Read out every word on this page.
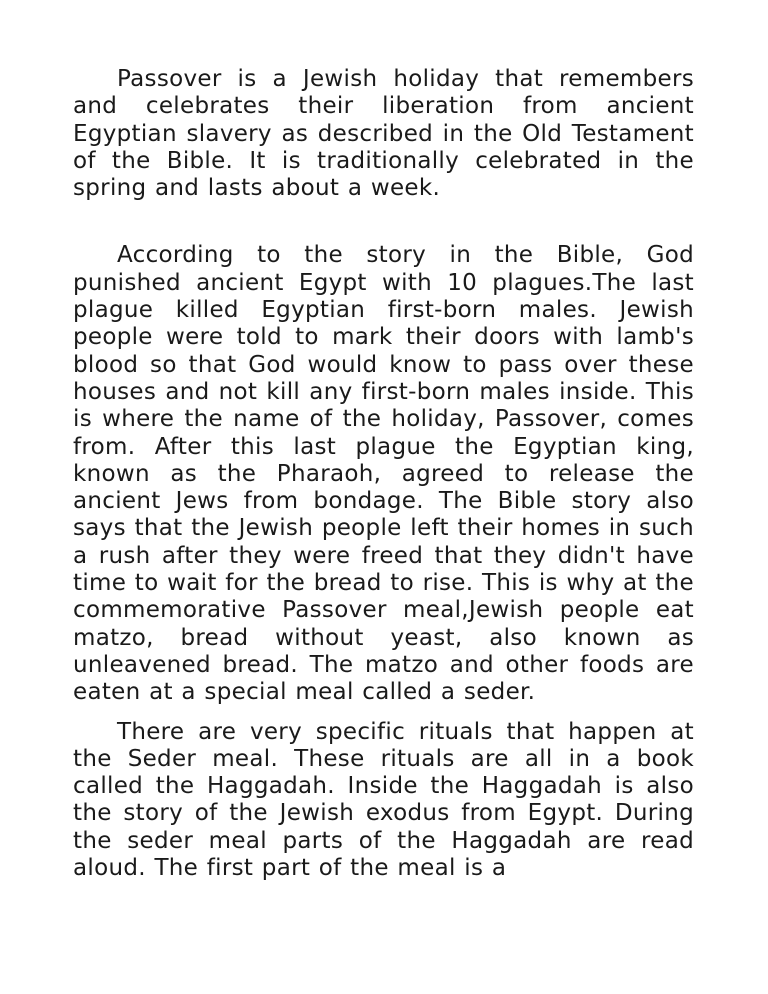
Passover is a Jewish holiday that remembers and celebrates their liberation from ancient Egyptian slavery as described in the Old Testament of the Bible. It is traditionally celebrated in the spring and lasts about a week.

According to the story in the Bible, God punished ancient Egypt with 10 plagues.The last plague killed Egyptian first-born males. Jewish people were told to mark their doors with lamb's blood so that God would know to pass over these houses and not kill any first-born males inside. This is where the name of the holiday, Passover, comes from. After this last plague the Egyptian king, known as the Pharaoh, agreed to release the ancient Jews from bondage. The Bible story also says that the Jewish people left their homes in such a rush after they were freed that they didn't have time to wait for the bread to rise. This is why at the commemorative Passover meal,Jewish people eat matzo, bread without yeast, also known as unleavened bread. The matzo and other foods are eaten at a special meal called a seder.

There are very specific rituals that happen at the Seder meal. These rituals are all in a book called the Haggadah. Inside the Haggadah is also the story of the Jewish exodus from Egypt. During the seder meal parts of the Haggadah are read aloud. The first part of the meal is a
